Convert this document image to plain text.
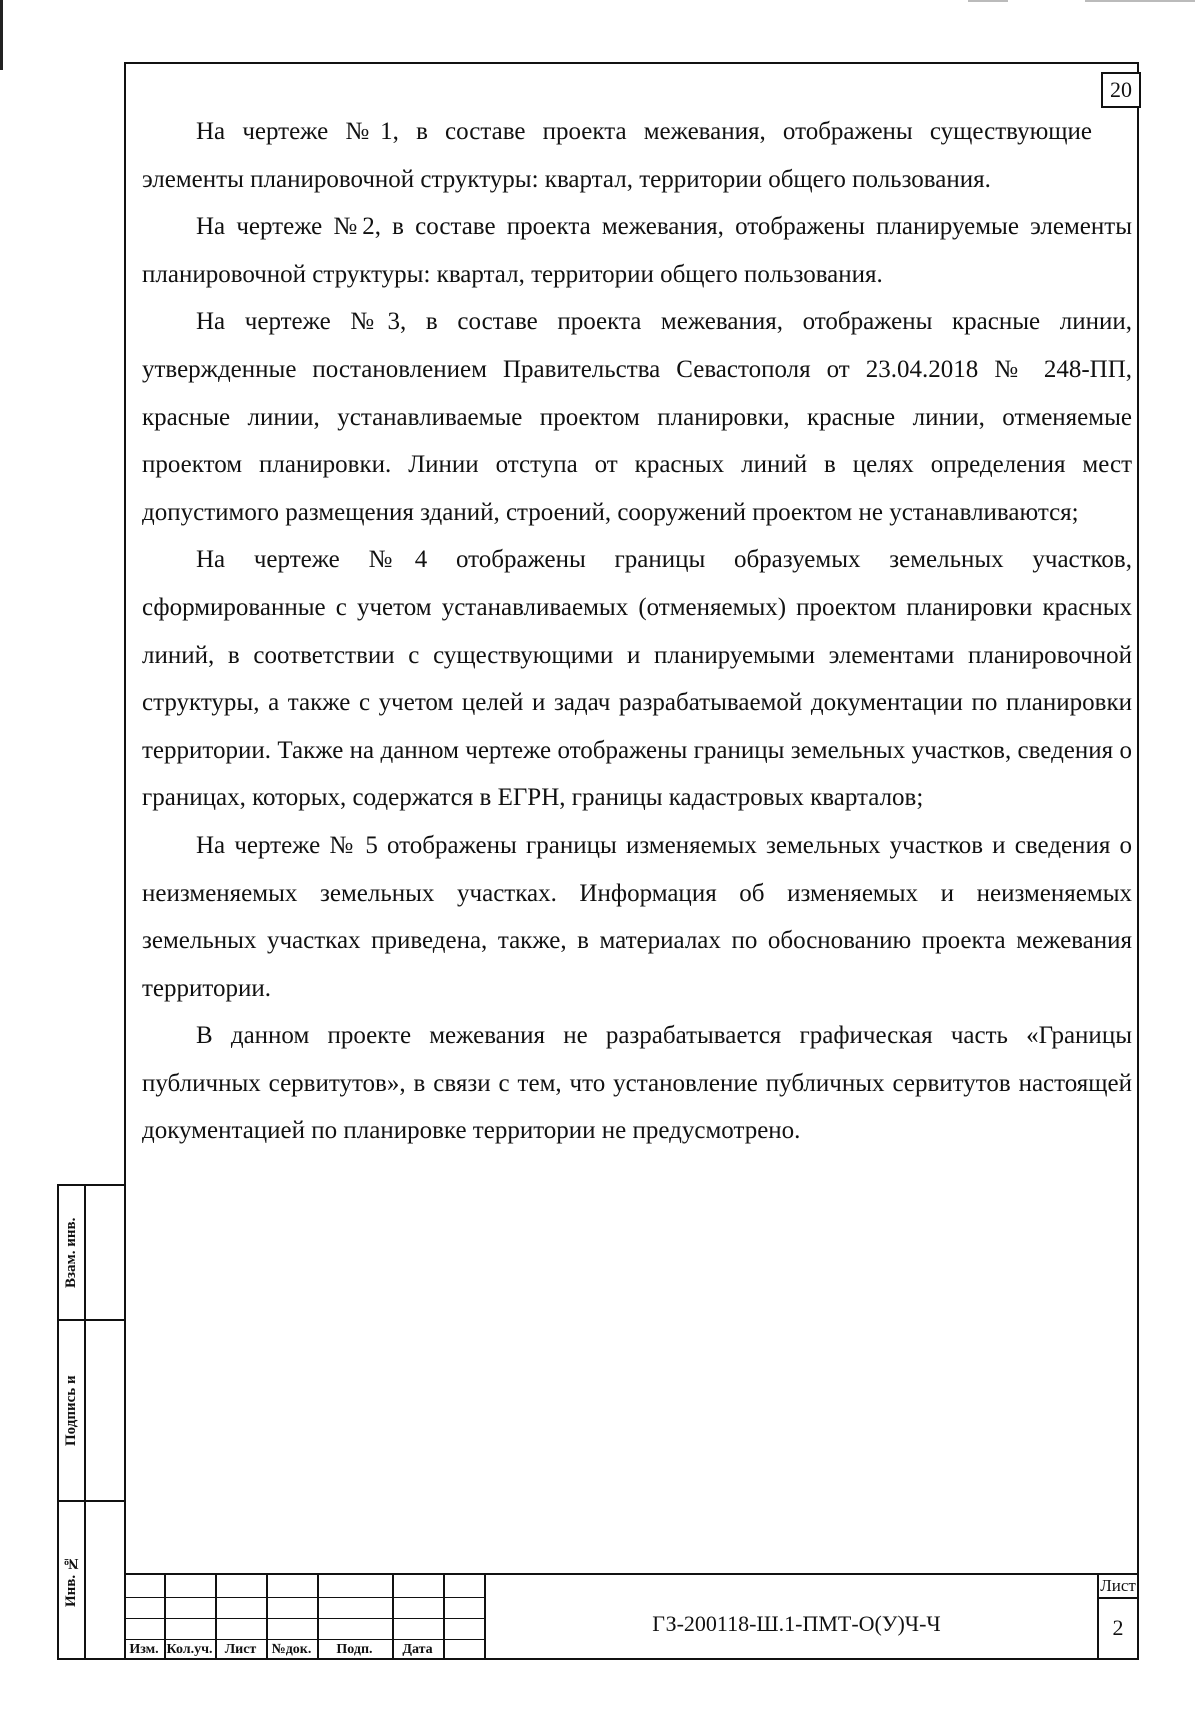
20

На чертеже №1, в составе проекта межевания, отображены существующие элементы планировочной структуры: квартал, территории общего пользования.

На чертеже №2, в составе проекта межевания, отображены планируемые элементы планировочной структуры: квартал, территории общего пользования.

На чертеже №3, в составе проекта межевания, отображены красные линии, утвержденные постановлением Правительства Севастополя от 23.04.2018 № 248-ПП, красные линии, устанавливаемые проектом планировки, красные линии, отменяемые проектом планировки. Линии отступа от красных линий в целях определения мест допустимого размещения зданий, строений, сооружений проектом не устанавливаются;

На чертеже №4 отображены границы образуемых земельных участков, сформированные с учетом устанавливаемых (отменяемых) проектом планировки красных линий, в соответствии с существующими и планируемыми элементами планировочной структуры, а также с учетом целей и задач разрабатываемой документации по планировки территории. Также на данном чертеже отображены границы земельных участков, сведения о границах, которых, содержатся в ЕГРН, границы кадастровых кварталов;

На чертеже № 5 отображены границы изменяемых земельных участков и сведения о неизменяемых земельных участках. Информация об изменяемых и неизменяемых земельных участках приведена, также, в материалах по обоснованию проекта межевания территории.

В данном проекте межевания не разрабатывается графическая часть «Границы публичных сервитутов», в связи с тем, что установление публичных сервитутов настоящей документацией по планировке территории не предусмотрено.

Взам. инв.
Подпись и
Инв. №
Изм. Кол.уч. Лист	№док.	Подп.	Дата
ГЗ-200118-Ш.1-ПМТ-О(У)Ч-Ч
Лист
2
